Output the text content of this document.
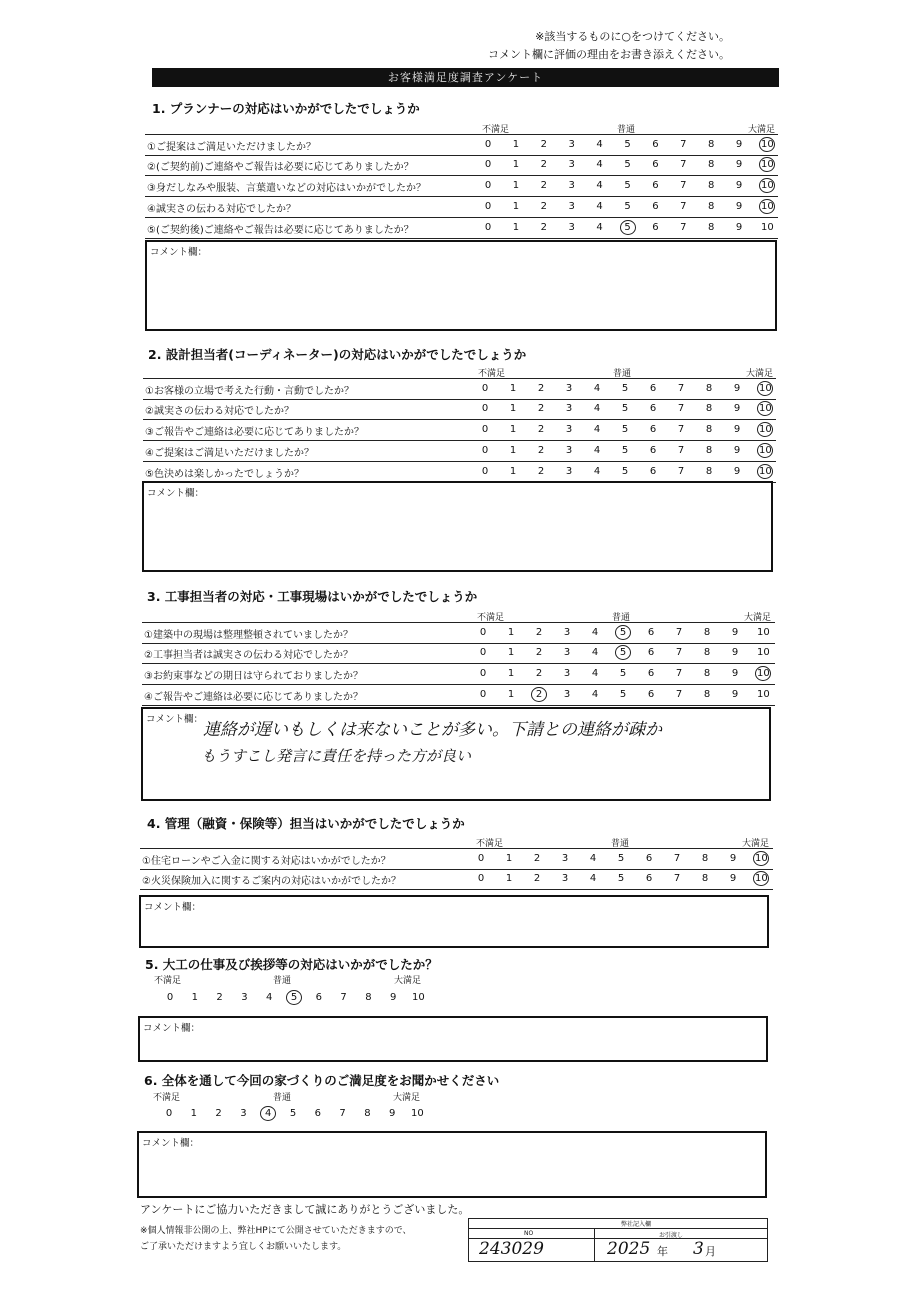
※該当するものに○をつけてください。
コメント欄に評価の理由をお書き添えください。
お客様満足度調査アンケート
1. プランナーの対応はいかがでしたでしょうか
不満足	普通	大満足
①ご提案はご満足いただけましたか？	0 1 2 3 4 5 6 7 8 9 10
②(ご契約前)ご連絡やご報告は必要に応じてありましたか？	0 1 2 3 4 5 6 7 8 9 10
③身だしなみや服装、言葉遣いなどの対応はいかがでしたか？	0 1 2 3 4 5 6 7 8 9 10
④誠実さの伝わる対応でしたか？	0 1 2 3 4 5 6 7 8 9 10
⑤(ご契約後)ご連絡やご報告は必要に応じてありましたか？	0 1 2 3 4 5 6 7 8 9 10
コメント欄：
2. 設計担当者(コーディネーター)の対応はいかがでしたでしょうか
不満足	普通	大満足
①お客様の立場で考えた行動・言動でしたか？	0 1 2 3 4 5 6 7 8 9 10
②誠実さの伝わる対応でしたか？	0 1 2 3 4 5 6 7 8 9 10
③ご報告やご連絡は必要に応じてありましたか？	0 1 2 3 4 5 6 7 8 9 10
④ご提案はご満足いただけましたか？	0 1 2 3 4 5 6 7 8 9 10
⑤色決めは楽しかったでしょうか？	0 1 2 3 4 5 6 7 8 9 10
コメント欄：
3. 工事担当者の対応・工事現場はいかがでしたでしょうか
不満足	普通	大満足
①建築中の現場は整理整頓されていましたか？	0 1 2 3 4 5 6 7 8 9 10
②工事担当者は誠実さの伝わる対応でしたか？	0 1 2 3 4 5 6 7 8 9 10
③お約束事などの期日は守られておりましたか？	0 1 2 3 4 5 6 7 8 9 10
④ご報告やご連絡は必要に応じてありましたか？	0 1 2 3 4 5 6 7 8 9 10
コメント欄：
連絡が遅いもしくは来ないことが多い。下請との連絡が疎か
もうすこし発言に責任を持った方が良い
4. 管理（融資・保険等）担当はいかがでしたでしょうか
不満足	普通	大満足
①住宅ローンやご入金に関する対応はいかがでしたか？	0 1 2 3 4 5 6 7 8 9 10
②火災保険加入に関するご案内の対応はいかがでしたか？	0 1 2 3 4 5 6 7 8 9 10
コメント欄：
5. 大工の仕事及び挨拶等の対応はいかがでしたか？
不満足	普通	大満足
0 1 2 3 4 5 6 7 8 9 10
コメント欄：
6. 全体を通して今回の家づくりのご満足度をお聞かせください
不満足	普通	大満足
0 1 2 3 4 5 6 7 8 9 10
コメント欄：
アンケートにご協力いただきまして誠にありがとうございました。
※個人情報非公開の上、弊社HPにて公開させていただきますので、
ご了承いただけますよう宜しくお願いいたします。
弊社記入欄
NO	お引渡し
243029	2025 年 3 月
